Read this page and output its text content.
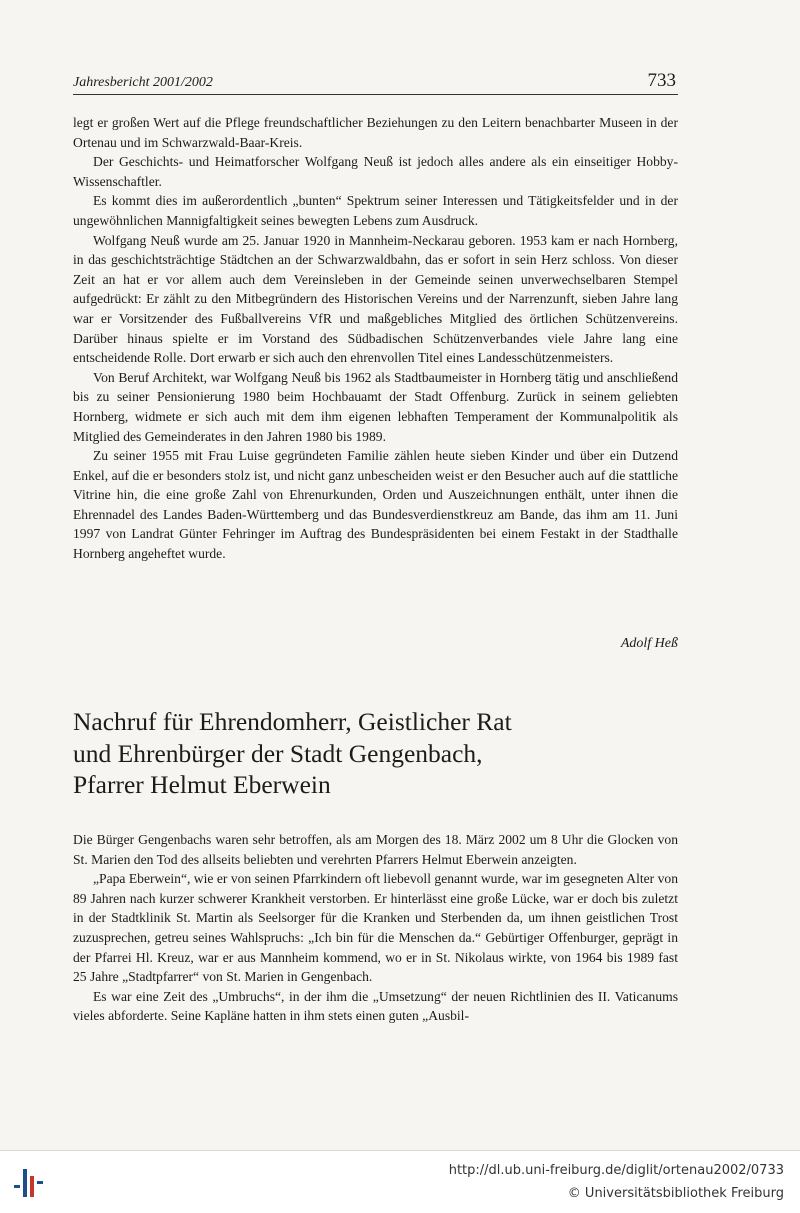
Jahresbericht 2001/2002	733

legt er großen Wert auf die Pflege freundschaftlicher Beziehungen zu den Leitern benachbarter Museen in der Ortenau und im Schwarzwald-Baar-Kreis.

Der Geschichts- und Heimatforscher Wolfgang Neuß ist jedoch alles andere als ein einseitiger Hobby-Wissenschaftler.

Es kommt dies im außerordentlich „bunten“ Spektrum seiner Interessen und Tätigkeitsfelder und in der ungewöhnlichen Mannigfaltigkeit seines bewegten Lebens zum Ausdruck.

Wolfgang Neuß wurde am 25. Januar 1920 in Mannheim-Neckarau geboren. 1953 kam er nach Hornberg, in das geschichtsträchtige Städtchen an der Schwarzwaldbahn, das er sofort in sein Herz schloss. Von dieser Zeit an hat er vor allem auch dem Vereinsleben in der Gemeinde seinen unverwechselbaren Stempel aufgedrückt: Er zählt zu den Mitbegründern des Historischen Vereins und der Narrenzunft, sieben Jahre lang war er Vorsitzender des Fußballvereins VfR und maßgebliches Mitglied des örtlichen Schützenvereins. Darüber hinaus spielte er im Vorstand des Südbadischen Schützenverbandes viele Jahre lang eine entscheidende Rolle. Dort erwarb er sich auch den ehrenvollen Titel eines Landesschützenmeisters.

Von Beruf Architekt, war Wolfgang Neuß bis 1962 als Stadtbaumeister in Hornberg tätig und anschließend bis zu seiner Pensionierung 1980 beim Hochbauamt der Stadt Offenburg. Zurück in seinem geliebten Hornberg, widmete er sich auch mit dem ihm eigenen lebhaften Temperament der Kommunalpolitik als Mitglied des Gemeinderates in den Jahren 1980 bis 1989.

Zu seiner 1955 mit Frau Luise gegründeten Familie zählen heute sieben Kinder und über ein Dutzend Enkel, auf die er besonders stolz ist, und nicht ganz unbescheiden weist er den Besucher auch auf die stattliche Vitrine hin, die eine große Zahl von Ehrenurkunden, Orden und Auszeichnungen enthält, unter ihnen die Ehrennadel des Landes Baden-Württemberg und das Bundesverdienstkreuz am Bande, das ihm am 11. Juni 1997 von Landrat Günter Fehringer im Auftrag des Bundespräsidenten bei einem Festakt in der Stadthalle Hornberg angeheftet wurde.

Adolf Heß
Nachruf für Ehrendomherr, Geistlicher Rat
und Ehrenbürger der Stadt Gengenbach,
Pfarrer Helmut Eberwein

Die Bürger Gengenbachs waren sehr betroffen, als am Morgen des 18. März 2002 um 8 Uhr die Glocken von St. Marien den Tod des allseits beliebten und verehrten Pfarrers Helmut Eberwein anzeigten.

„Papa Eberwein“, wie er von seinen Pfarrkindern oft liebevoll genannt wurde, war im gesegneten Alter von 89 Jahren nach kurzer schwerer Krankheit verstorben. Er hinterlässt eine große Lücke, war er doch bis zuletzt in der Stadtklinik St. Martin als Seelsorger für die Kranken und Sterbenden da, um ihnen geistlichen Trost zuzusprechen, getreu seines Wahlspruchs: „Ich bin für die Menschen da.“ Gebürtiger Offenburger, geprägt in der Pfarrei Hl. Kreuz, war er aus Mannheim kommend, wo er in St. Nikolaus wirkte, von 1964 bis 1989 fast 25 Jahre „Stadtpfarrer“ von St. Marien in Gengenbach.

Es war eine Zeit des „Umbruchs“, in der ihm die „Umsetzung“ der neuen Richtlinien des II. Vaticanums vieles abforderte. Seine Kapläne hatten in ihm stets einen guten „Ausbil-

http://dl.ub.uni-freiburg.de/diglit/ortenau2002/0733
© Universitätsbibliothek Freiburg
